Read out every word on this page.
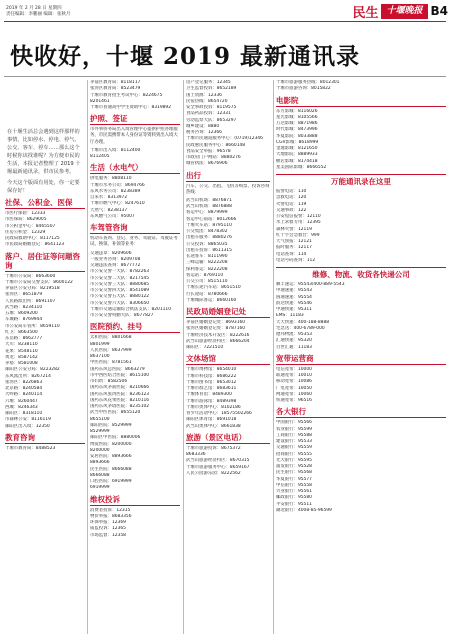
2019 年 2 月 28 日 星期四
责任编辑：李鹏丽 编辑：张秋月	民生 十堰晚报 B4
快收好，十堰 2019 最新通讯录

在十堰生活总会遇到这样那样的事情，比如停水、停电、停气、公交、客车、停车……那么这个时候你该找谁呢？为方便市民的生活，本报记者整理了 2019 十堰最新通讯录，供市民参考。

今天这个版面有用处，你一定要保存好！

社保、公积金、医保

市医疗保险：12333

市医保局：8629005

市公积金中心：8465507

住房公积金：12329

民政局救助中心：8117125

市民政局婚姻登记：8641123

落户、居住证等问题咨询

十堰市公安局：8663600

十堰市公安局交警支队：8600122

茅箭区公安分局：8219518

张湾区：8651879

人民路派出所：8691107

武当路：8234110

五堰：8609200

车城路：8769944

市公安局车管所：8659110

红卫：8663500

东岳路：8662777

大川：8238110

花果：8548110

黄龙：8587142

茅塔：8581008

郧阳区公安分局：8223282

东风派出所：8267214

张湾区：8226863

北京路：8240584

大岭路：8240114

六堰：8260447

西城：8246343

郧阳区：8318110

市森林公安：8116119

郧阳区出入境：12350

教育咨询

十堰市教育局：8488523

茅箭区教育局：8118117

张湾区教育局：8523479

十堰市教育招生考试中心：8224675

8201461

十堰市普通高中学生资助中心：8319892

护照、签证

市外事侨务局出入境管理中心提供护照办理服务，市民需携带本人身份证等资料到出入境大厅办理。

十堰市出入境：8112400

8112405

生活（水电气）

供电服务：8808110

十堰市水务公司：8694766

东风水务公司：8238389

自来水：8313972

十堰市燃气中心：8247610

天然气：8238137

东风燃气公司：95007

车驾管咨询

机动车查询、登记、业务、驾驶证、驾驶证考试、换领、补领等业务：

交通违章：8209606

一般业务咨询：8209708

交通违法查询：8677772

市公安交警一大队：8782263

市公安交警二大队：8217545

市公安交警三大队：8880685

市公安交警四大队：8541089

市公安交警五大队：8880122

市公安交警六大队：8306650

十堰市交通运输综合执法支队：8201110

市公安交警特勤大队：8677827

医院预约、挂号

太和医院：8801668

8801999

人民医院：8637999

8637100

中医医院：8781561

国药东风总医院：8663279

市中西医结合医院：8615100

市妇幼：8582506

国药东风茅箭医院：8210666

国药东风张湾医院：8236123

国药东风花果医院：8210116

国药东风茅塔医院：8235102

武当中医医院：8655120

8655100

郧阳医院：8529999

8529999

郧阳区中医院：8880006

博爱医院：8200000

8200000

安居医院：8893666

8893666

民生医院：8666088

8666088

口腔医院：6919999

6919999

维权投诉

消费者投诉：12315

物价举报：8683356

环保举报：12369

质监投诉：12365

市场监督：12358

房产登记服务：12345

卫生监督投诉：8652189

国土资源：12336

民宿热线：8654720

安全事故投诉：8119575

食品药品投诉：12331

劳动监察大队：8653297

城乡建设：8880

税务咨询：12366

十堰市民通道服务中心：(0719)12346

民政惠民服务中心：8660148

食品安全举报：96578

市政府门户网站：8880276

城管执法：8676906

出行

汽车、公交、出租、飞机等购票、投诉咨询热线：

武当山机场：8876871

武当山机场：8876888

客运中心：8879999

客运中心南站：8012666

十堰火车站：8795110

公交集团：8478302

出租车服务：8880276

公交投诉：8865035

出租车投诉：8611315

长途客车：8111990

三峰运输：8222208

保利客运：8222208

客运站：8769110

公交公司：8515110

十堰长途汽车站：8651510

行长途站：8780666

十堰城际客运：8660160

民政局婚姻登记处

茅箭区婚姻登记处：8693160

张湾区婚姻登记处：8787160

十堰经济技术开发区：8222616

武当山旅游经济特区：8666204

郧阳区：7221510

文体场馆

十堰市博物馆：8654010

十堰市科技馆：8686222

十堰市图书馆：8653012

十堰市群艺馆：8683611

十堰体育馆：8489300

十堰市游泳馆：8489398

十堰市奥体中心：8102186

青少年活动中心：18575502266

郧阳区体育馆：8691018

武当山奥体中心：8661838

旅游（景区电话）

十堰市旅游投诉：8675372

8683336

武当山旅游经济特区：8670315

十堰市旅游服务中心：8659167

人民公园游乐园：8222562

十堰市旅游服务热线：8012301

十堰市旅游咨询：8015822

电影院

东方影城：8116026

星光影城：8105566

万达影城：8871986

时代影城：8473996

华夏影院：8033888

CGV影城：8618999

金逸影城：8121650

大地影院：8889933

横店影城：8174418

星美国际影城：8666552

万能通讯录在这里

报警电话：110

急救电话：120

火警电话：119

交通事故：122

公安短信报警：12110

水上求救专用：12395

森林火警：12119

红十字会急救台：999

天气预报：12121

报时服务：12117

电话查询：114

电话号码查询：112

维修、物流、收货各快递公司

顺丰速运：95543/400-889-5543

申通速递：95543

圆通速递：95554

韵达快递：95546

中通快递：95311

EMS：11183

天天快递：400-188-8888

宅急送：400-6789-000

德邦物流：95353

汇通快递：95320

百世汇通：11183

宽带运营商

电信宽带：10000

联通宽带：10010

移动宽带：10086

广电宽带：10050

网通宽带：10060

铁通宽带：96516

各大银行

中国银行：95566

农业银行：95599

工商银行：95588

建设银行：95533

交通银行：95559

招商银行：95555

光大银行：95595

浦发银行：95528

民生银行：95568

华夏银行：95577

中信银行：95558

兴业银行：95561

邮政银行：95580

平安银行：95511

湖北银行：4008-85-96599
